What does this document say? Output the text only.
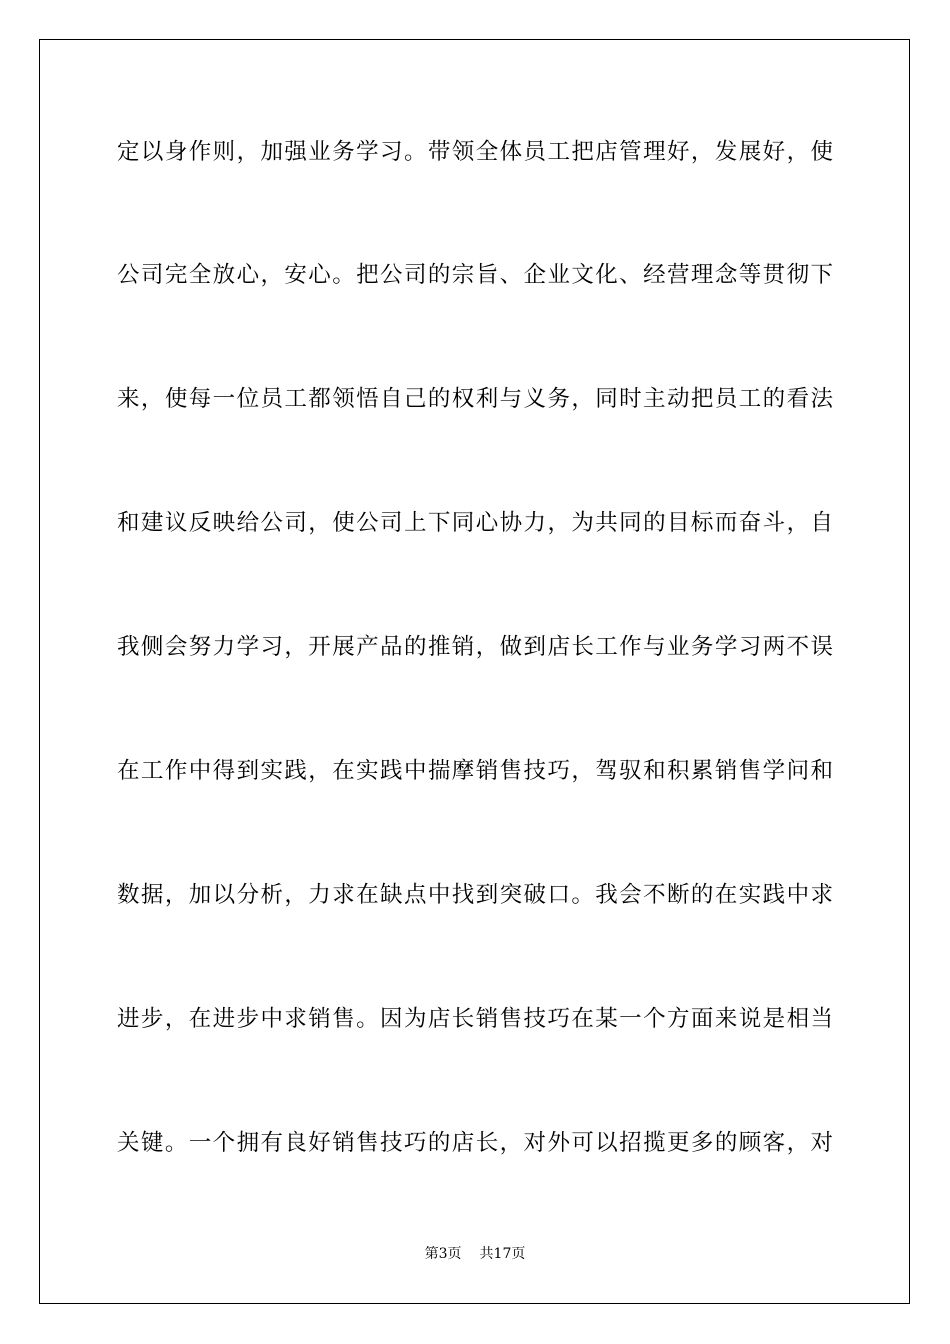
定以身作则，加强业务学习。带领全体员工把店管理好，发展好，使
公司完全放心，安心。把公司的宗旨、企业文化、经营理念等贯彻下
来，使每一位员工都领悟自己的权利与义务，同时主动把员工的看法
和建议反映给公司，使公司上下同心协力，为共同的目标而奋斗，自
我侧会努力学习，开展产品的推销，做到店长工作与业务学习两不误
在工作中得到实践，在实践中揣摩销售技巧，驾驭和积累销售学问和
数据，加以分析，力求在缺点中找到突破口。我会不断的在实践中求
进步，在进步中求销售。因为店长销售技巧在某一个方面来说是相当
关键。一个拥有良好销售技巧的店长，对外可以招揽更多的顾客，对
第3页 共17页
